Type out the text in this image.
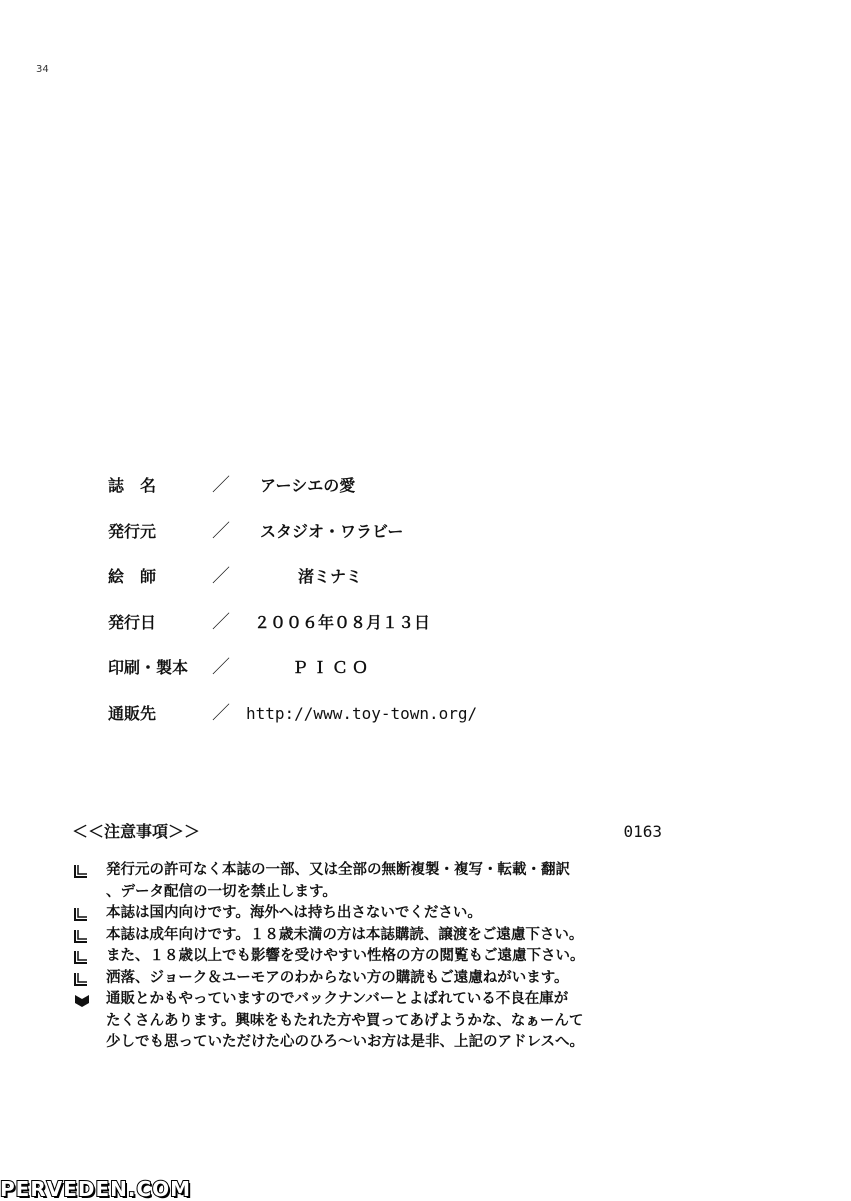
34
誌　名	／ アーシエの愛
発行元	／ スタジオ・ワラビー
絵　師	／	渚ミナミ
発行日	／ ２００６年０８月１３日
印刷・製本 ／	ＰＩＣＯ
通販先	／ http://www.toy-town.org/
＜＜注意事項＞＞	0163

発行元の許可なく本誌の一部、又は全部の無断複製・複写・転載・翻訳

、データ配信の一切を禁止します。

本誌は国内向けです。海外へは持ち出さないでください。

本誌は成年向けです。１８歳未満の方は本誌購読、譲渡をご遠慮下さい。

また、１８歳以上でも影響を受けやすい性格の方の閲覧もご遠慮下さい。

洒落、ジョーク＆ユーモアのわからない方の購読もご遠慮ねがいます。

通販とかもやっていますのでバックナンバーとよばれている不良在庫が

たくさんあります。興味をもたれた方や買ってあげようかな、なぁーんて

少しでも思っていただけた心のひろ～いお方は是非、上記のアドレスへ。

PERVEDEN.COM
